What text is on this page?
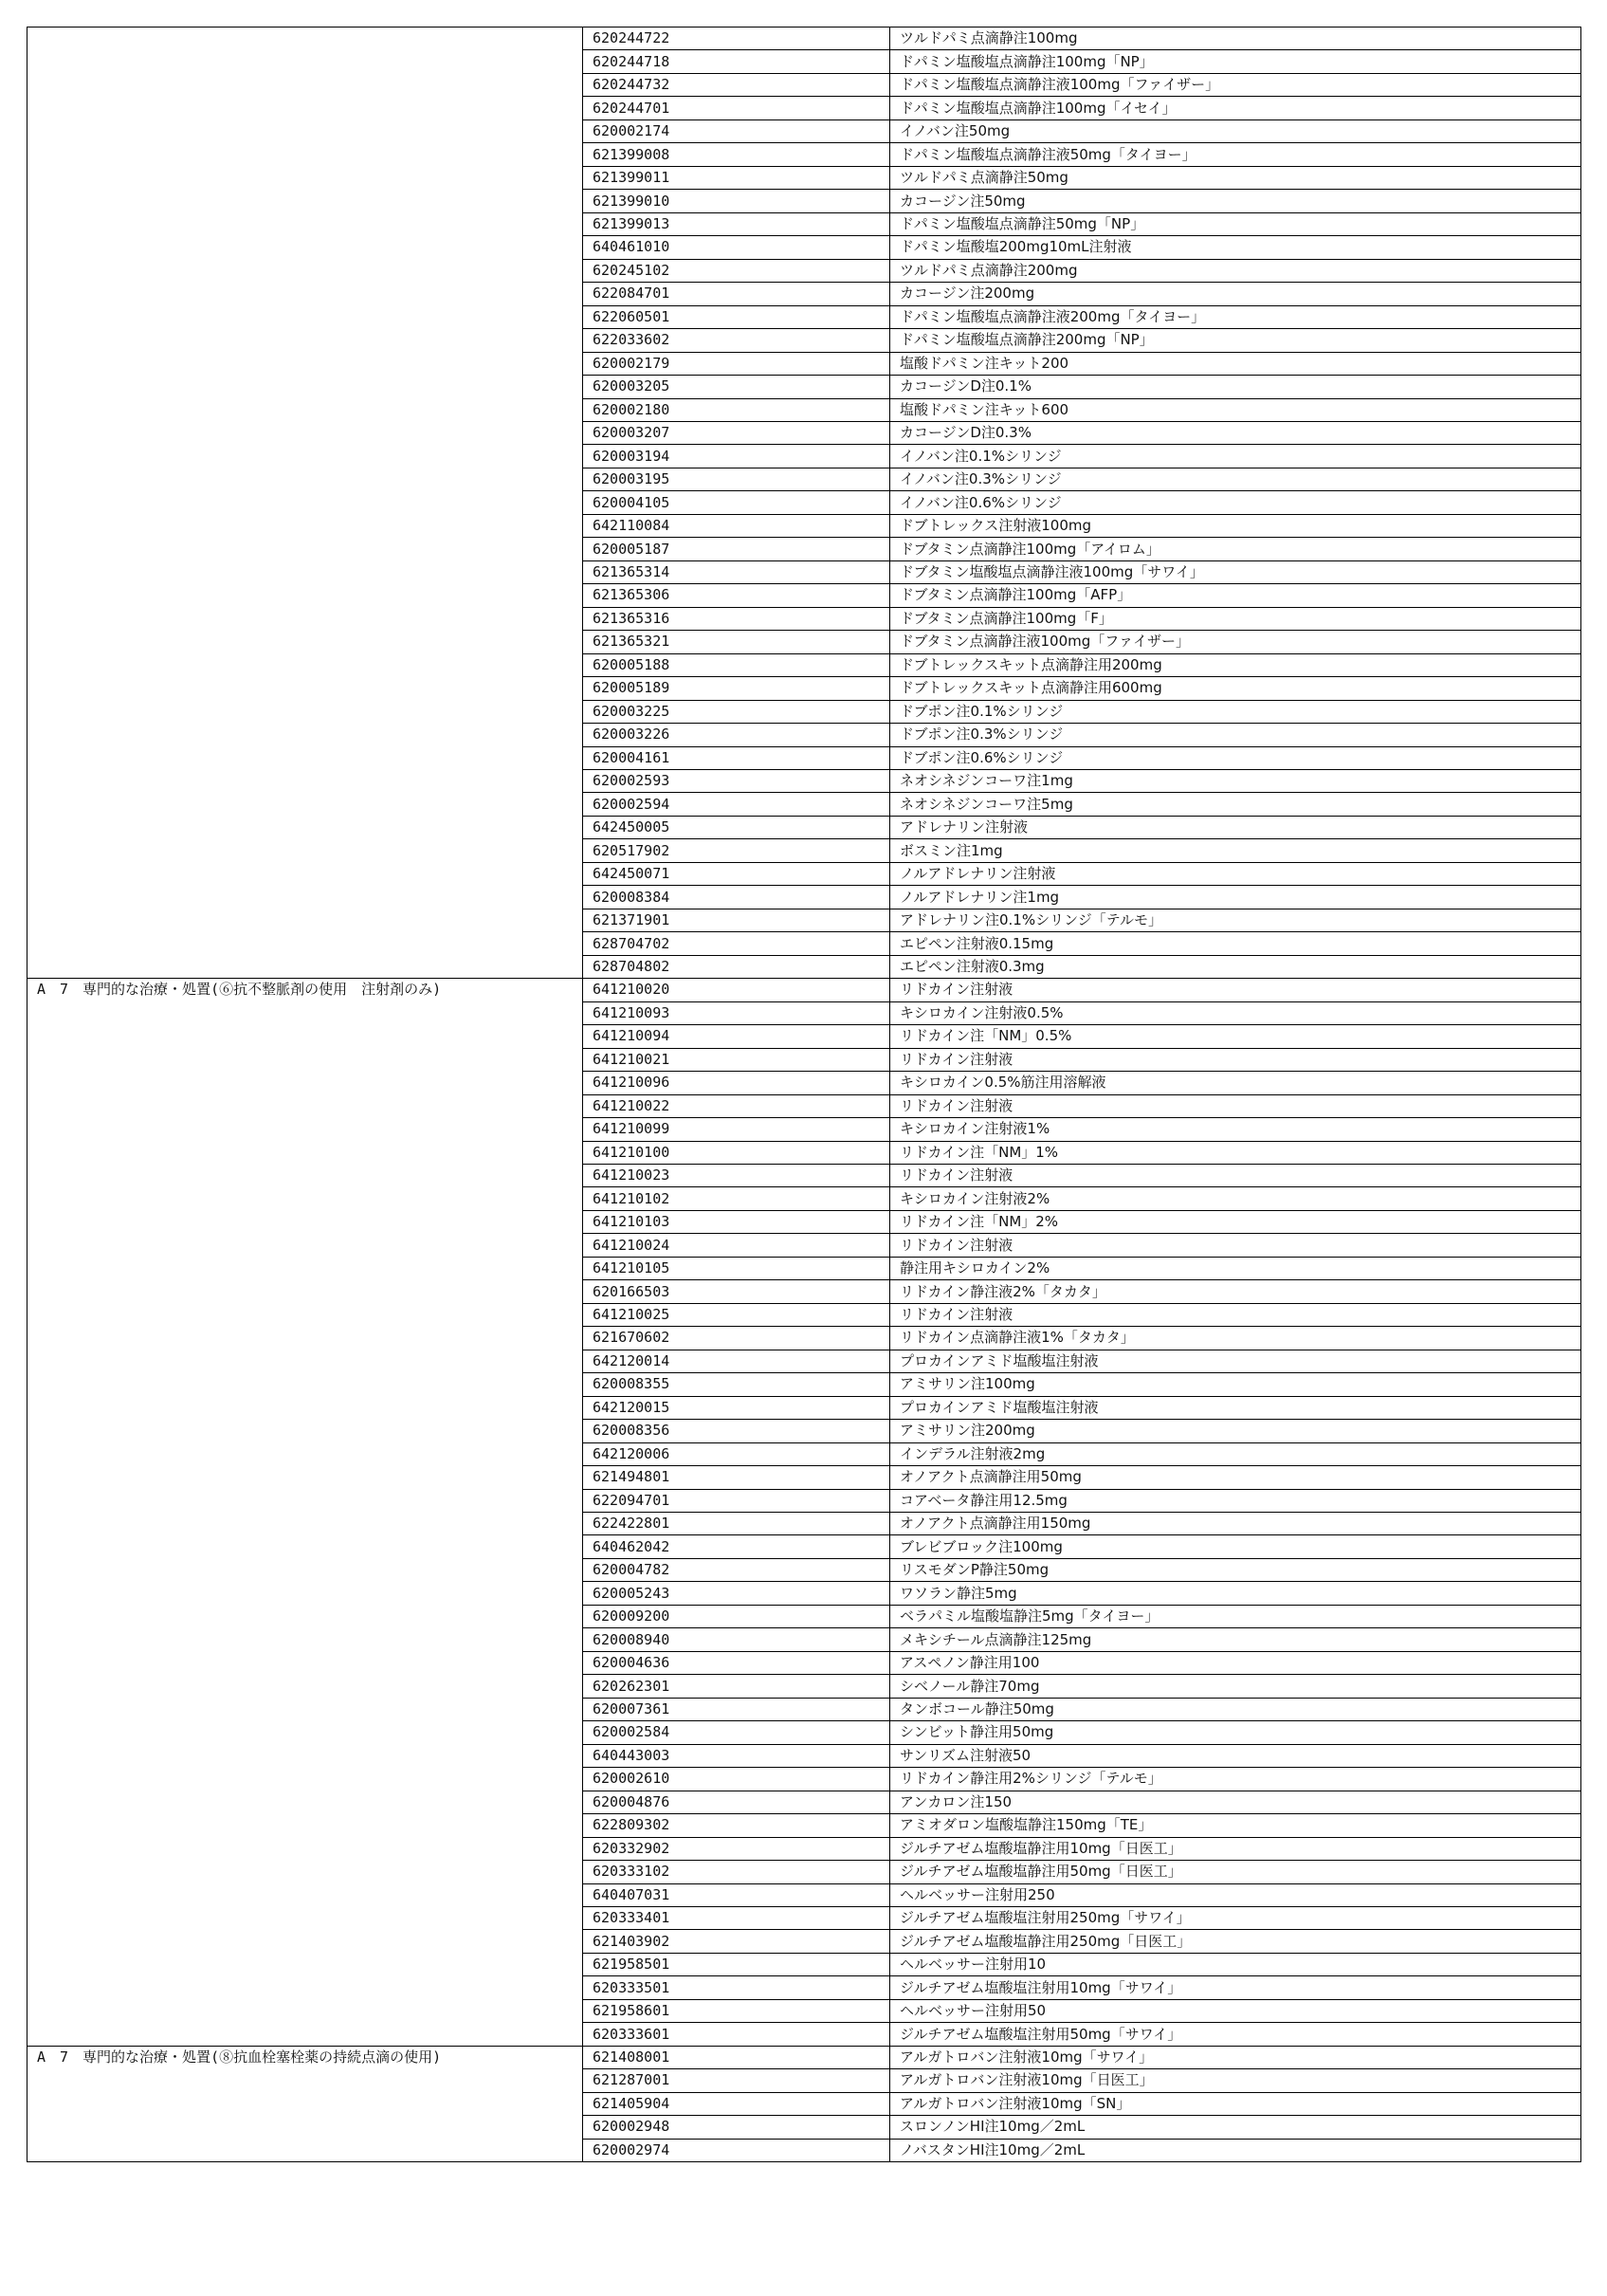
	620244722	ツルドパミ点滴静注100mg
	620244718	ドパミン塩酸塩点滴静注100mg「NP」
	620244732	ドパミン塩酸塩点滴静注液100mg「ファイザー」
	620244701	ドパミン塩酸塩点滴静注100mg「イセイ」
	620002174	イノバン注50mg
	621399008	ドパミン塩酸塩点滴静注液50mg「タイヨー」
	621399011	ツルドパミ点滴静注50mg
	621399010	カコージン注50mg
	621399013	ドパミン塩酸塩点滴静注50mg「NP」
	640461010	ドパミン塩酸塩200mg10mL注射液
	620245102	ツルドパミ点滴静注200mg
	622084701	カコージン注200mg
	622060501	ドパミン塩酸塩点滴静注液200mg「タイヨー」
	622033602	ドパミン塩酸塩点滴静注200mg「NP」
	620002179	塩酸ドパミン注キット200
	620003205	カコージンD注0.1%
	620002180	塩酸ドパミン注キット600
	620003207	カコージンD注0.3%
	620003194	イノバン注0.1%シリンジ
	620003195	イノバン注0.3%シリンジ
	620004105	イノバン注0.6%シリンジ
	642110084	ドブトレックス注射液100mg
	620005187	ドブタミン点滴静注100mg「アイロム」
	621365314	ドブタミン塩酸塩点滴静注液100mg「サワイ」
	621365306	ドブタミン点滴静注100mg「AFP」
	621365316	ドブタミン点滴静注100mg「F」
	621365321	ドブタミン点滴静注液100mg「ファイザー」
	620005188	ドブトレックスキット点滴静注用200mg
	620005189	ドブトレックスキット点滴静注用600mg
	620003225	ドブポン注0.1%シリンジ
	620003226	ドブポン注0.3%シリンジ
	620004161	ドブポン注0.6%シリンジ
	620002593	ネオシネジンコーワ注1mg
	620002594	ネオシネジンコーワ注5mg
	642450005	アドレナリン注射液
	620517902	ボスミン注1mg
	642450071	ノルアドレナリン注射液
	620008384	ノルアドレナリン注1mg
	621371901	アドレナリン注0.1%シリンジ「テルモ」
	628704702	エピペン注射液0.15mg
	628704802	エピペン注射液0.3mg
A　7　専門的な治療・処置(⑥抗不整脈剤の使用　注射剤のみ)	641210020	リドカイン注射液
	641210093	キシロカイン注射液0.5%
	641210094	リドカイン注「NM」0.5%
	641210021	リドカイン注射液
	641210096	キシロカイン0.5%筋注用溶解液
	641210022	リドカイン注射液
	641210099	キシロカイン注射液1%
	641210100	リドカイン注「NM」1%
	641210023	リドカイン注射液
	641210102	キシロカイン注射液2%
	641210103	リドカイン注「NM」2%
	641210024	リドカイン注射液
	641210105	静注用キシロカイン2%
	620166503	リドカイン静注液2%「タカタ」
	641210025	リドカイン注射液
	621670602	リドカイン点滴静注液1%「タカタ」
	642120014	プロカインアミド塩酸塩注射液
	620008355	アミサリン注100mg
	642120015	プロカインアミド塩酸塩注射液
	620008356	アミサリン注200mg
	642120006	インデラル注射液2mg
	621494801	オノアクト点滴静注用50mg
	622094701	コアベータ静注用12.5mg
	622422801	オノアクト点滴静注用150mg
	640462042	ブレビブロック注100mg
	620004782	リスモダンP静注50mg
	620005243	ワソラン静注5mg
	620009200	ベラパミル塩酸塩静注5mg「タイヨー」
	620008940	メキシチール点滴静注125mg
	620004636	アスペノン静注用100
	620262301	シベノール静注70mg
	620007361	タンボコール静注50mg
	620002584	シンビット静注用50mg
	640443003	サンリズム注射液50
	620002610	リドカイン静注用2%シリンジ「テルモ」
	620004876	アンカロン注150
	622809302	アミオダロン塩酸塩静注150mg「TE」
	620332902	ジルチアゼム塩酸塩静注用10mg「日医工」
	620333102	ジルチアゼム塩酸塩静注用50mg「日医工」
	640407031	ヘルベッサー注射用250
	620333401	ジルチアゼム塩酸塩注射用250mg「サワイ」
	621403902	ジルチアゼム塩酸塩静注用250mg「日医工」
	621958501	ヘルベッサー注射用10
	620333501	ジルチアゼム塩酸塩注射用10mg「サワイ」
	621958601	ヘルベッサー注射用50
	620333601	ジルチアゼム塩酸塩注射用50mg「サワイ」
A　7　専門的な治療・処置(⑧抗血栓塞栓薬の持続点滴の使用)	621408001	アルガトロバン注射液10mg「サワイ」
	621287001	アルガトロバン注射液10mg「日医工」
	621405904	アルガトロバン注射液10mg「SN」
	620002948	スロンノンHI注10mg／2mL
	620002974	ノバスタンHI注10mg／2mL
